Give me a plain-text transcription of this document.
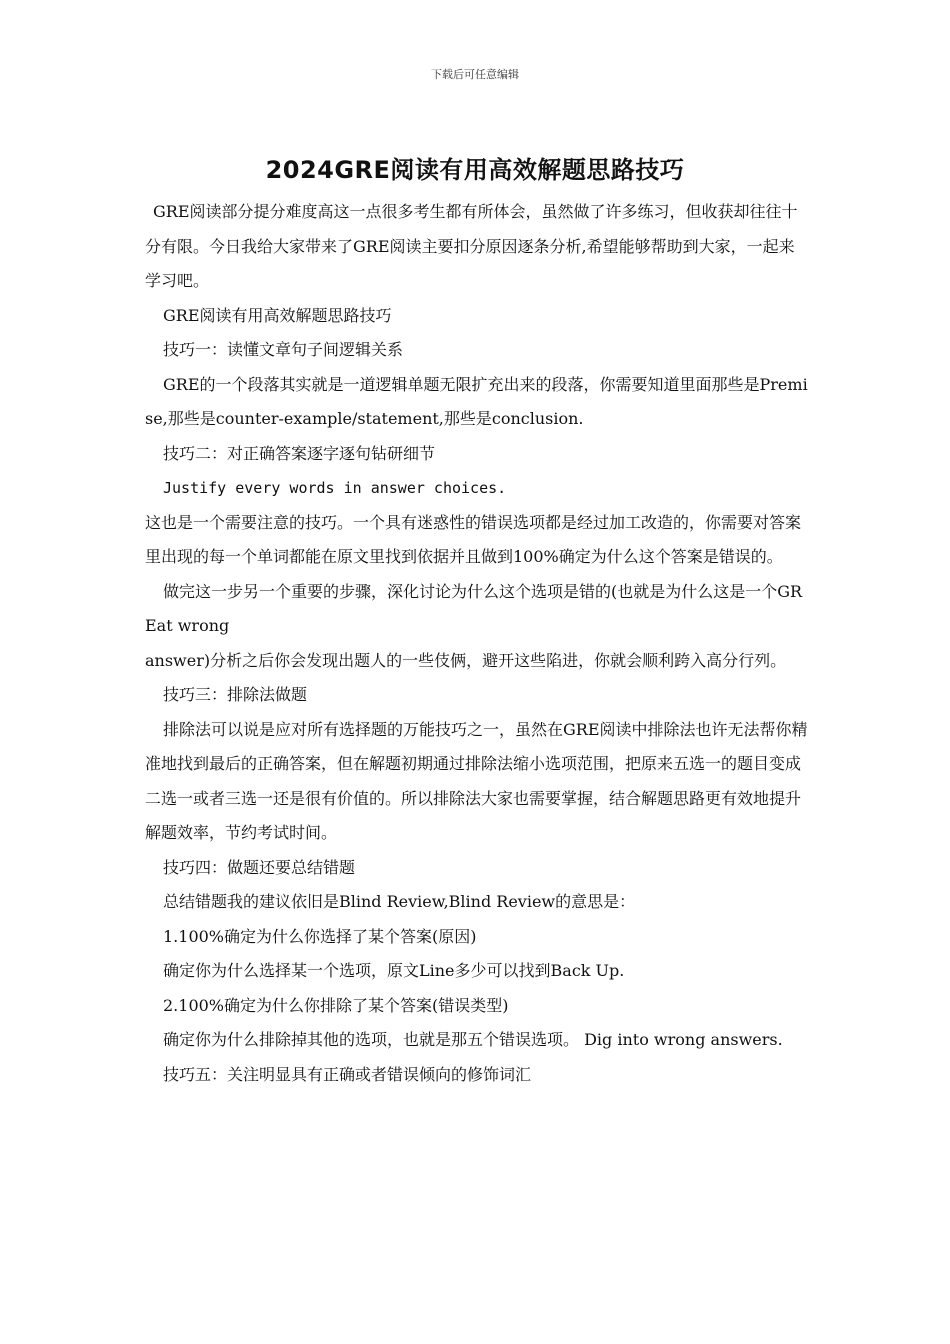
下载后可任意编辑
2024GRE阅读有用高效解题思路技巧

GRE阅读部分提分难度高这一点很多考生都有所体会，虽然做了许多练习，但收获却往往十分有限。今日我给大家带来了GRE阅读主要扣分原因逐条分析,希望能够帮助到大家，一起来学习吧。

GRE阅读有用高效解题思路技巧

技巧一：读懂文章句子间逻辑关系

GRE的一个段落其实就是一道逻辑单题无限扩充出来的段落，你需要知道里面那些是Premise,那些是counter-example/statement,那些是conclusion.

技巧二：对正确答案逐字逐句钻研细节

Justify every words in answer choices.

这也是一个需要注意的技巧。一个具有迷惑性的错误选项都是经过加工改造的，你需要对答案里出现的每一个单词都能在原文里找到依据并且做到100%确定为什么这个答案是错误的。

做完这一步另一个重要的步骤，深化讨论为什么这个选项是错的(也就是为什么这是一个GREat wrong

answer)分析之后你会发现出题人的一些伎俩，避开这些陷进，你就会顺利跨入高分行列。

技巧三：排除法做题

排除法可以说是应对所有选择题的万能技巧之一，虽然在GRE阅读中排除法也许无法帮你精准地找到最后的正确答案，但在解题初期通过排除法缩小选项范围，把原来五选一的题目变成二选一或者三选一还是很有价值的。所以排除法大家也需要掌握，结合解题思路更有效地提升解题效率，节约考试时间。

技巧四：做题还要总结错题

总结错题我的建议依旧是Blind Review,Blind Review的意思是：

1.100%确定为什么你选择了某个答案(原因)

确定你为什么选择某一个选项，原文Line多少可以找到Back Up.

2.100%确定为什么你排除了某个答案(错误类型)

确定你为什么排除掉其他的选项，也就是那五个错误选项。 Dig into wrong answers.

技巧五：关注明显具有正确或者错误倾向的修饰词汇
